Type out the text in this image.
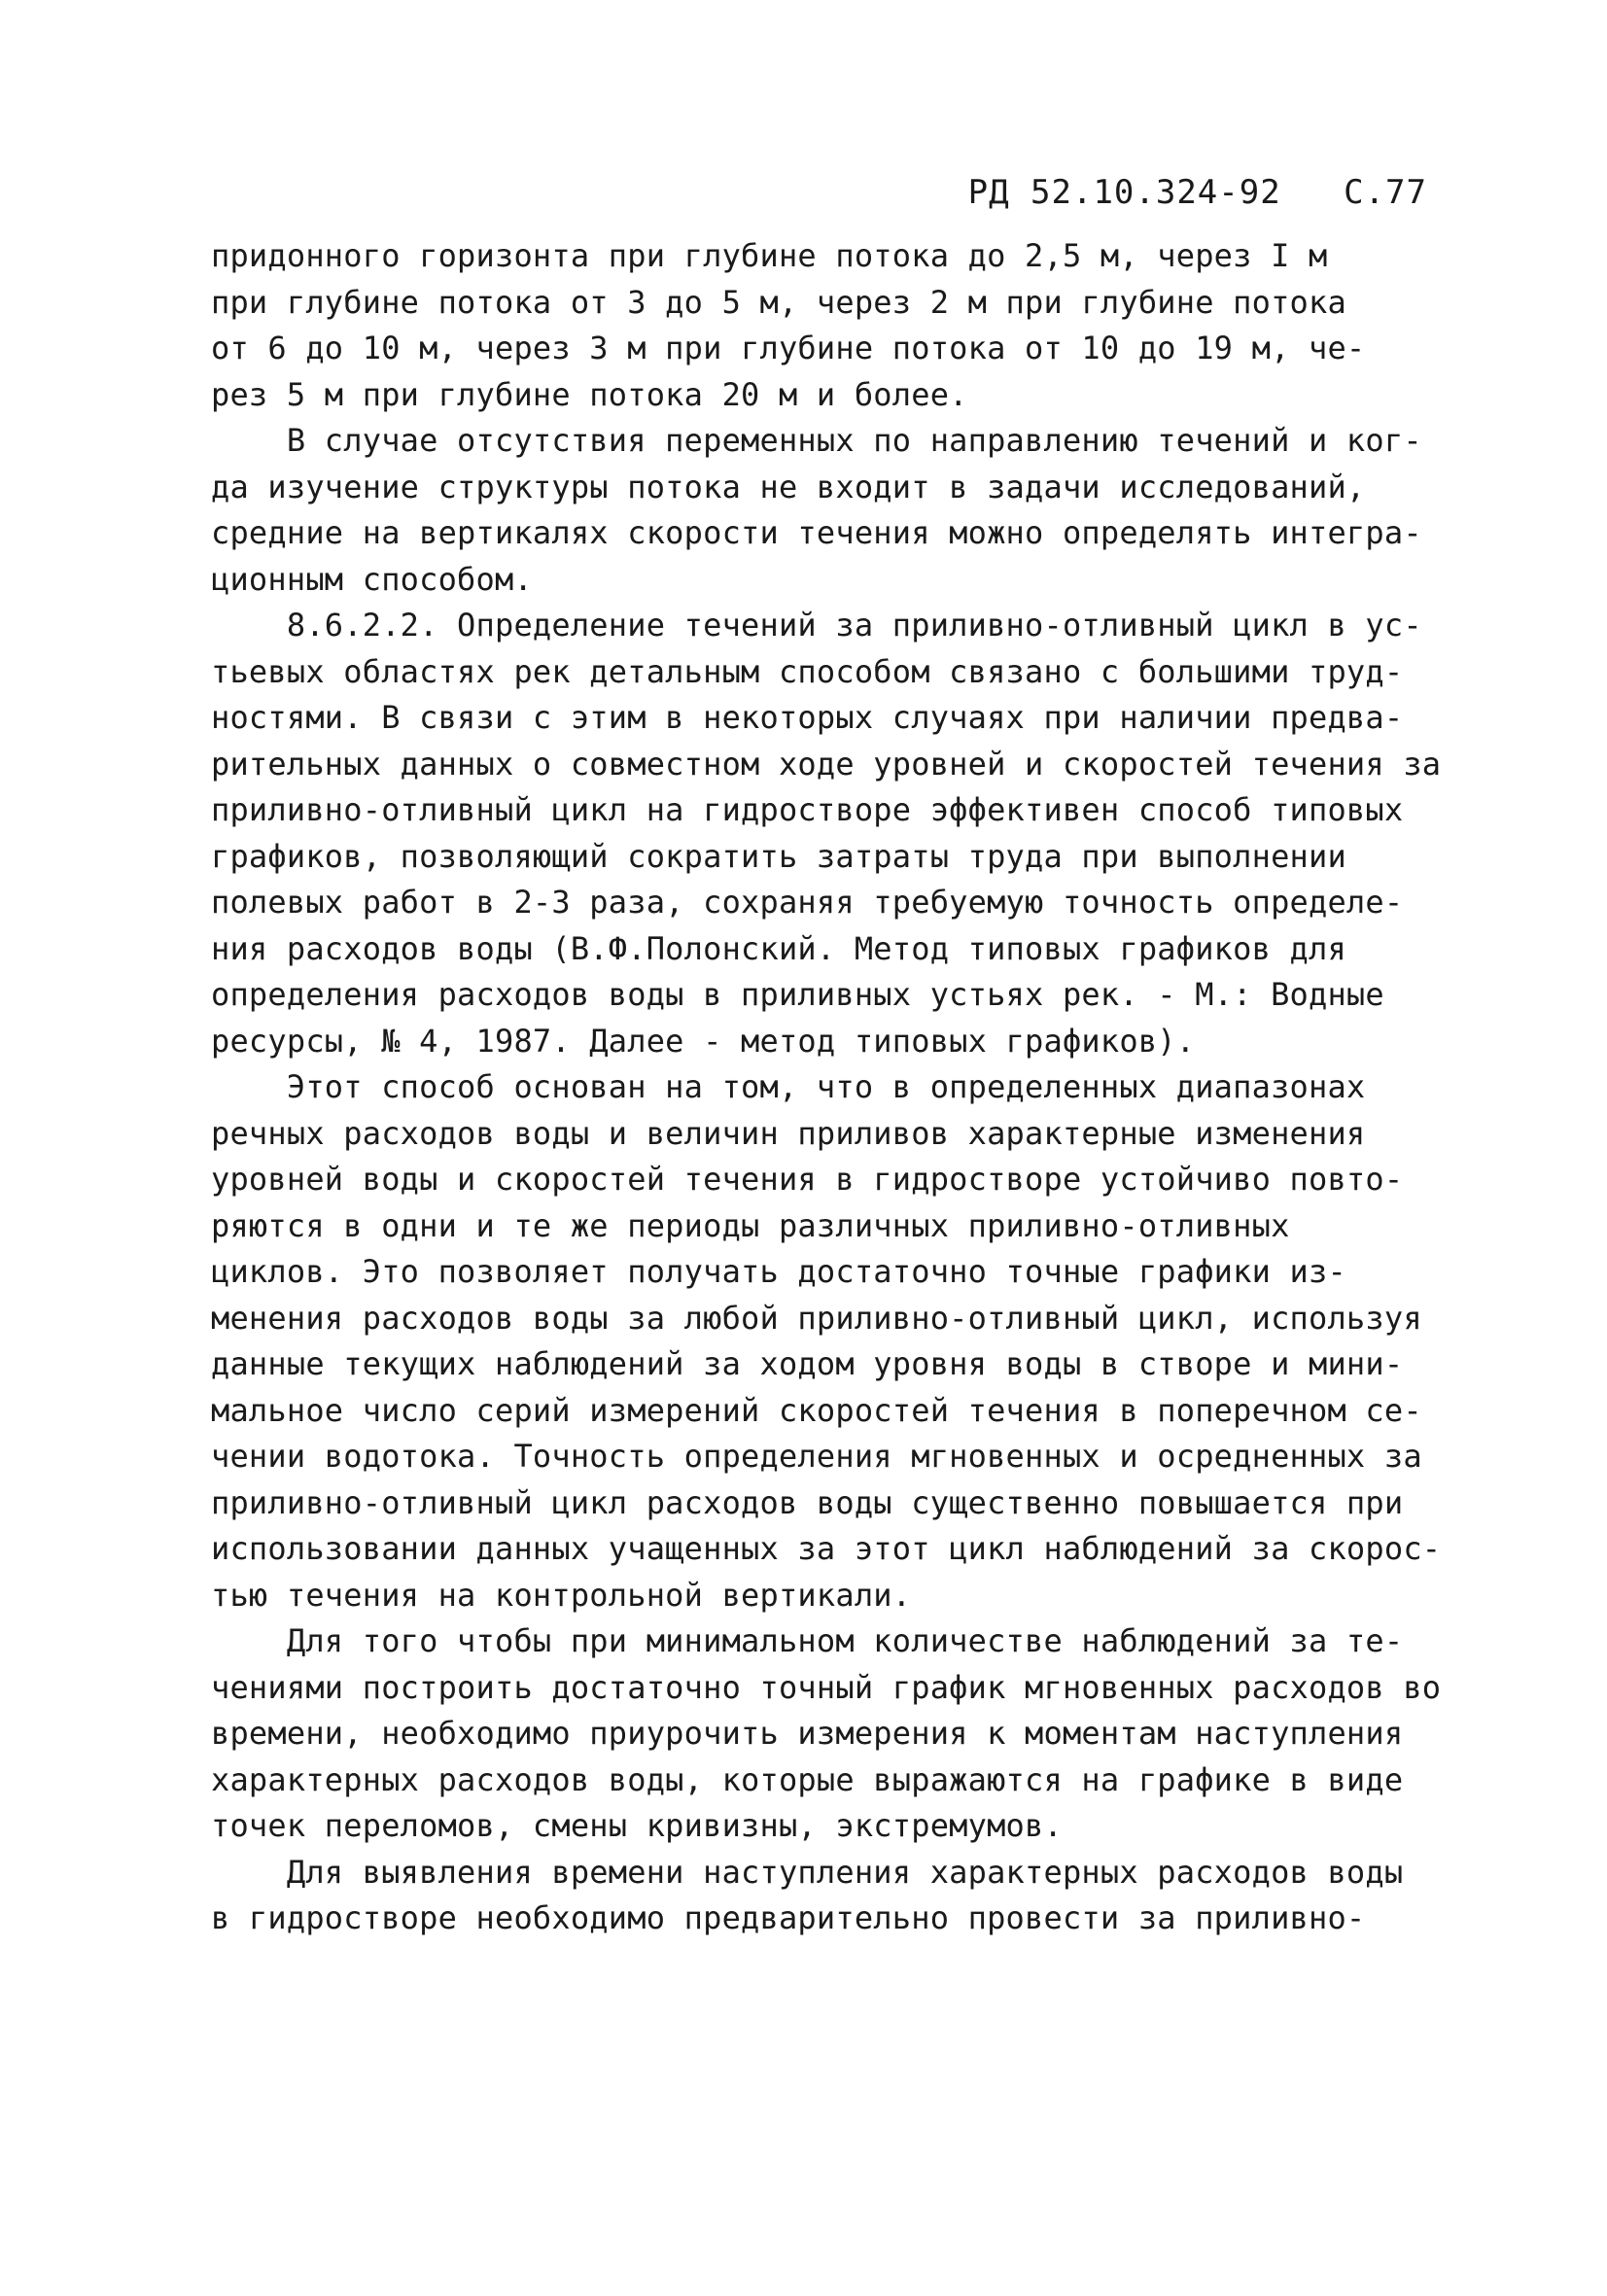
РД 52.10.324-92 С.77
придонного горизонта при глубине потока до 2,5 м, через I м
при глубине потока от 3 до 5 м, через 2 м при глубине потока
от 6 до 10 м, через 3 м при глубине потока от 10 до 19 м, че-
рез 5 м при глубине потока 20 м и более.
В случае отсутствия переменных по направлению течений и ког-
да изучение структуры потока не входит в задачи исследований,
средние на вертикалях скорости течения можно определять интегра-
ционным способом.
8.6.2.2. Определение течений за приливно-отливный цикл в ус-
тьевых областях рек детальным способом связано с большими труд-
ностями. В связи с этим в некоторых случаях при наличии предва-
рительных данных о совместном ходе уровней и скоростей течения за
приливно-отливный цикл на гидростворе эффективен способ типовых
графиков, позволяющий сократить затраты труда при выполнении
полевых работ в 2-3 раза, сохраняя требуемую точность определе-
ния расходов воды (В.Ф.Полонский. Метод типовых графиков для
определения расходов воды в приливных устьях рек. - М.: Водные
ресурсы, № 4, 1987. Далее - метод типовых графиков).
Этот способ основан на том, что в определенных диапазонах
речных расходов воды и величин приливов характерные изменения
уровней воды и скоростей течения в гидростворе устойчиво повто-
ряются в одни и те же периоды различных приливно-отливных
циклов. Это позволяет получать достаточно точные графики из-
менения расходов воды за любой приливно-отливный цикл, используя
данные текущих наблюдений за ходом уровня воды в створе и мини-
мальное число серий измерений скоростей течения в поперечном се-
чении водотока. Точность определения мгновенных и осредненных за
приливно-отливный цикл расходов воды существенно повышается при
использовании данных учащенных за этот цикл наблюдений за скорос-
тью течения на контрольной вертикали.
Для того чтобы при минимальном количестве наблюдений за те-
чениями построить достаточно точный график мгновенных расходов во
времени, необходимо приурочить измерения к моментам наступления
характерных расходов воды, которые выражаются на графике в виде
точек переломов, смены кривизны, экстремумов.
Для выявления времени наступления характерных расходов воды
в гидростворе необходимо предварительно провести за приливно-
